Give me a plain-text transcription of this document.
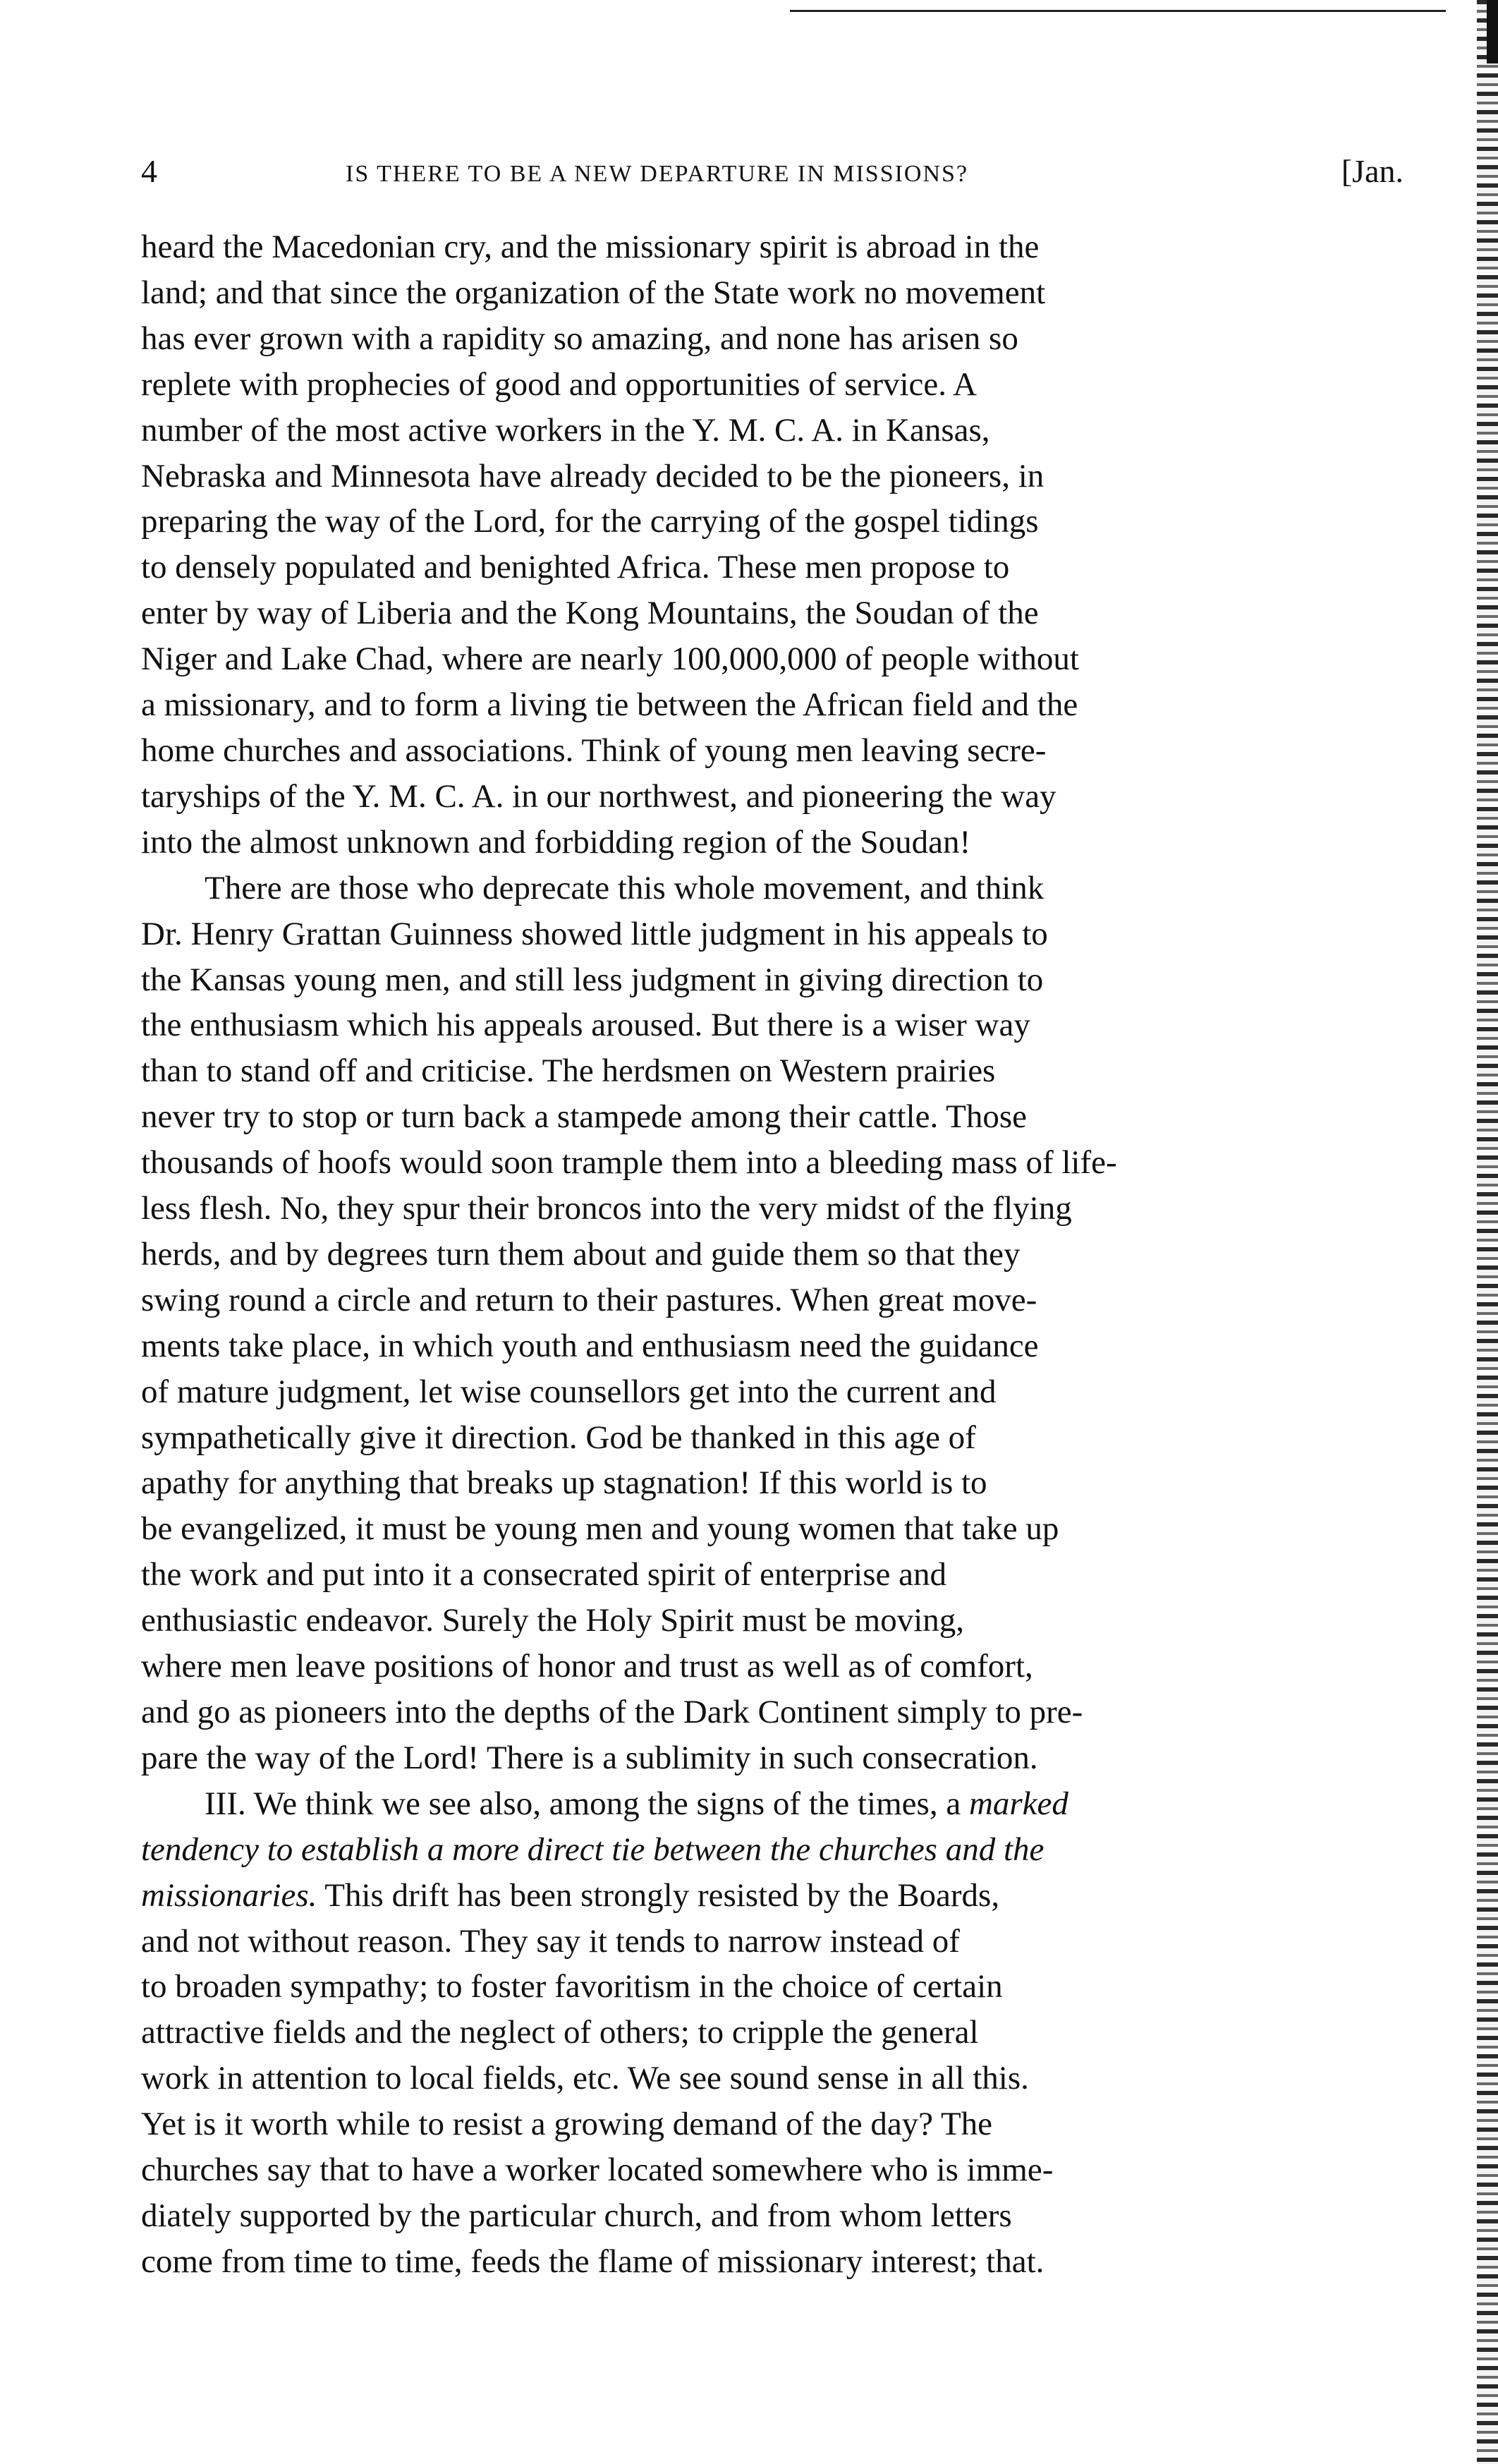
4	IS THERE TO BE A NEW DEPARTURE IN MISSIONS?	[Jan.
heard the Macedonian cry, and the missionary spirit is abroad in the
land; and that since the organization of the State work no movement
has ever grown with a rapidity so amazing, and none has arisen so
replete with prophecies of good and opportunities of service. A
number of the most active workers in the Y. M. C. A. in Kansas,
Nebraska and Minnesota have already decided to be the pioneers, in
preparing the way of the Lord, for the carrying of the gospel tidings
to densely populated and benighted Africa. These men propose to
enter by way of Liberia and the Kong Mountains, the Soudan of the
Niger and Lake Chad, where are nearly 100,000,000 of people without
a missionary, and to form a living tie between the African field and the
home churches and associations. Think of young men leaving secre-
taryships of the Y. M. C. A. in our northwest, and pioneering the way
into the almost unknown and forbidding region of the Soudan!
There are those who deprecate this whole movement, and think
Dr. Henry Grattan Guinness showed little judgment in his appeals to
the Kansas young men, and still less judgment in giving direction to
the enthusiasm which his appeals aroused. But there is a wiser way
than to stand off and criticise. The herdsmen on Western prairies
never try to stop or turn back a stampede among their cattle. Those
thousands of hoofs would soon trample them into a bleeding mass of life-
less flesh. No, they spur their broncos into the very midst of the flying
herds, and by degrees turn them about and guide them so that they
swing round a circle and return to their pastures. When great move-
ments take place, in which youth and enthusiasm need the guidance
of mature judgment, let wise counsellors get into the current and
sympathetically give it direction. God be thanked in this age of
apathy for anything that breaks up stagnation! If this world is to
be evangelized, it must be young men and young women that take up
the work and put into it a consecrated spirit of enterprise and
enthusiastic endeavor. Surely the Holy Spirit must be moving,
where men leave positions of honor and trust as well as of comfort,
and go as pioneers into the depths of the Dark Continent simply to pre-
pare the way of the Lord! There is a sublimity in such consecration.
III. We think we see also, among the signs of the times, a marked
tendency to establish a more direct tie between the churches and the
missionaries. This drift has been strongly resisted by the Boards,
and not without reason. They say it tends to narrow instead of
to broaden sympathy; to foster favoritism in the choice of certain
attractive fields and the neglect of others; to cripple the general
work in attention to local fields, etc. We see sound sense in all this.
Yet is it worth while to resist a growing demand of the day? The
churches say that to have a worker located somewhere who is imme-
diately supported by the particular church, and from whom letters
come from time to time, feeds the flame of missionary interest; that.
